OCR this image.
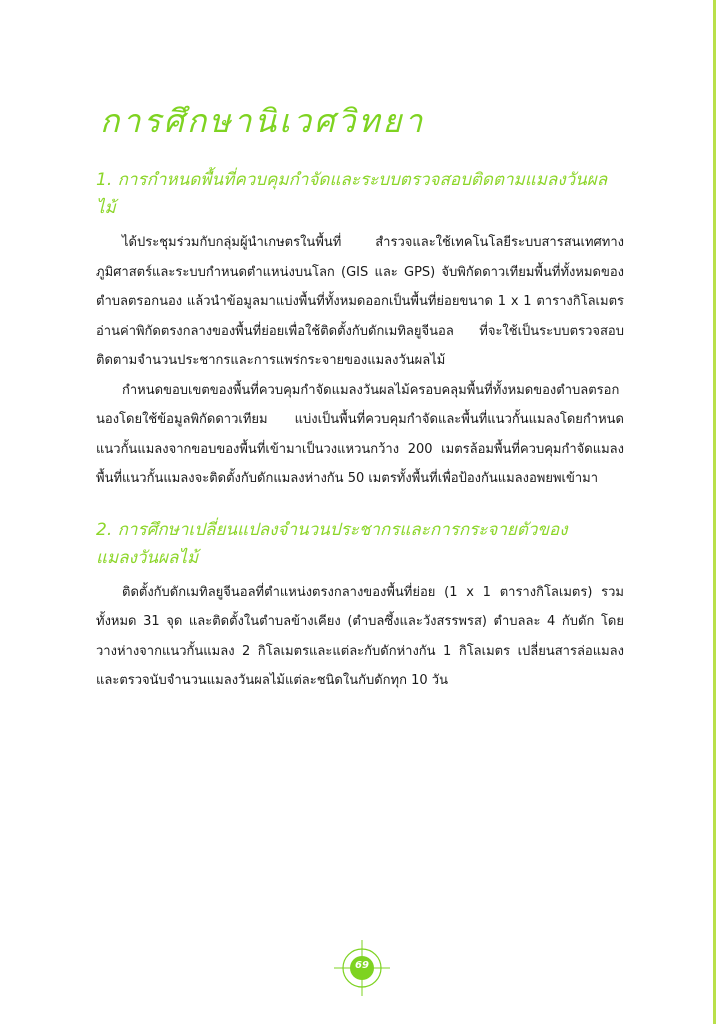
การศึกษานิเวศวิทยา
1. การกำหนดพื้นที่ควบคุมกำจัดและระบบตรวจสอบติดตามแมลงวันผลไม้

ได้ประชุมร่วมกับกลุ่มผู้นำเกษตรในพื้นที่ สำรวจและใช้เทคโนโลยีระบบสารสนเทศทางภูมิศาสตร์และระบบกำหนดตำแหน่งบนโลก (GIS และ GPS) จับพิกัดดาวเทียมพื้นที่ทั้งหมดของตำบลตรอกนอง แล้วนำข้อมูลมาแบ่งพื้นที่ทั้งหมดออกเป็นพื้นที่ย่อยขนาด 1 x 1 ตารางกิโลเมตร อ่านค่าพิกัดตรงกลางของพื้นที่ย่อยเพื่อใช้ติดตั้งกับดักเมทิลยูจีนอล ที่จะใช้เป็นระบบตรวจสอบติดตามจำนวนประชากรและการแพร่กระจายของแมลงวันผลไม้

กำหนดขอบเขตของพื้นที่ควบคุมกำจัดแมลงวันผลไม้ครอบคลุมพื้นที่ทั้งหมดของตำบลตรอกนองโดยใช้ข้อมูลพิกัดดาวเทียม แบ่งเป็นพื้นที่ควบคุมกำจัดและพื้นที่แนวกั้นแมลงโดยกำหนดแนวกั้นแมลงจากขอบของพื้นที่เข้ามาเป็นวงแหวนกว้าง 200 เมตรล้อมพื้นที่ควบคุมกำจัดแมลง พื้นที่แนวกั้นแมลงจะติดตั้งกับดักแมลงห่างกัน 50 เมตรทั้งพื้นที่เพื่อป้องกันแมลงอพยพเข้ามา

2. การศึกษาเปลี่ยนแปลงจำนวนประชากรและการกระจายตัวของแมลงวันผลไม้

ติดตั้งกับดักเมทิลยูจีนอลที่ตำแหน่งตรงกลางของพื้นที่ย่อย (1 x 1 ตารางกิโลเมตร) รวมทั้งหมด 31 จุด และติดตั้งในตำบลข้างเคียง (ตำบลซึ้งและวังสรรพรส) ตำบลละ 4 กับดัก โดยวางห่างจากแนวกั้นแมลง 2 กิโลเมตรและแต่ละกับดักห่างกัน 1 กิโลเมตร เปลี่ยนสารล่อแมลงและตรวจนับจำนวนแมลงวันผลไม้แต่ละชนิดในกับดักทุก 10 วัน

69
